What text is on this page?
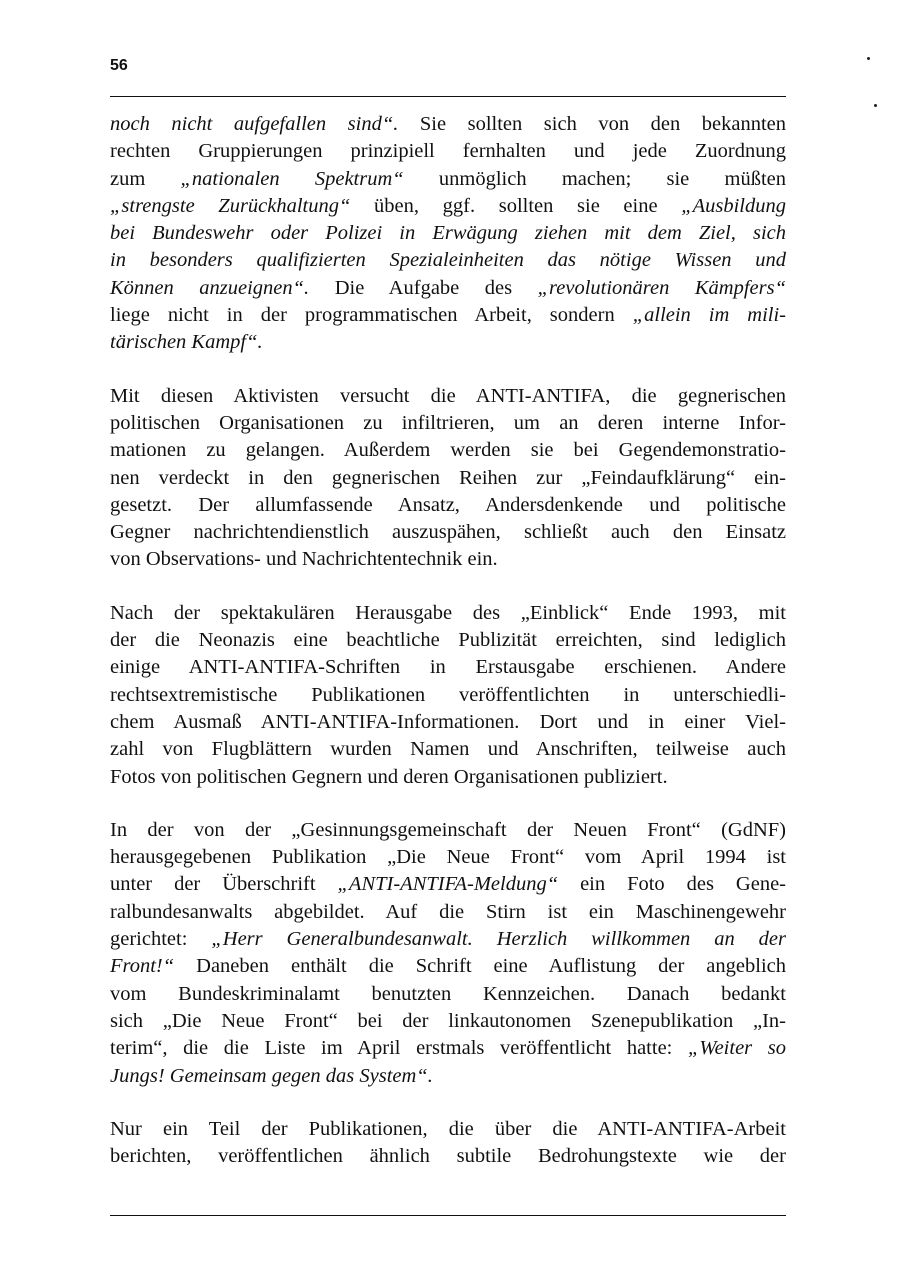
56
noch nicht aufgefallen sind“. Sie sollten sich von den bekannten
rechten Gruppierungen prinzipiell fernhalten und jede Zuordnung
zum „nationalen Spektrum“ unmöglich machen; sie müßten
„strengste Zurückhaltung“ üben, ggf. sollten sie eine „Ausbildung
bei Bundeswehr oder Polizei in Erwägung ziehen mit dem Ziel, sich
in besonders qualifizierten Spezialeinheiten das nötige Wissen und
Können anzueignen“. Die Aufgabe des „revolutionären Kämpfers“
liege nicht in der programmatischen Arbeit, sondern „allein im mili-
tärischen Kampf“.
Mit diesen Aktivisten versucht die ANTI-ANTIFA, die gegnerischen
politischen Organisationen zu infiltrieren, um an deren interne Infor-
mationen zu gelangen. Außerdem werden sie bei Gegendemonstratio-
nen verdeckt in den gegnerischen Reihen zur „Feindaufklärung“ ein-
gesetzt. Der allumfassende Ansatz, Andersdenkende und politische
Gegner nachrichtendienstlich auszuspähen, schließt auch den Einsatz
von Observations- und Nachrichtentechnik ein.
Nach der spektakulären Herausgabe des „Einblick“ Ende 1993, mit
der die Neonazis eine beachtliche Publizität erreichten, sind lediglich
einige ANTI-ANTIFA-Schriften in Erstausgabe erschienen. Andere
rechtsextremistische Publikationen veröffentlichten in unterschiedli-
chem Ausmaß ANTI-ANTIFA-Informationen. Dort und in einer Viel-
zahl von Flugblättern wurden Namen und Anschriften, teilweise auch
Fotos von politischen Gegnern und deren Organisationen publiziert.
In der von der „Gesinnungsgemeinschaft der Neuen Front“ (GdNF)
herausgegebenen Publikation „Die Neue Front“ vom April 1994 ist
unter der Überschrift „ANTI-ANTIFA-Meldung“ ein Foto des Gene-
ralbundesanwalts abgebildet. Auf die Stirn ist ein Maschinengewehr
gerichtet: „Herr Generalbundesanwalt. Herzlich willkommen an der
Front!“ Daneben enthält die Schrift eine Auflistung der angeblich
vom Bundeskriminalamt benutzten Kennzeichen. Danach bedankt
sich „Die Neue Front“ bei der linkautonomen Szenepublikation „In-
terim“, die die Liste im April erstmals veröffentlicht hatte: „Weiter so
Jungs! Gemeinsam gegen das System“.
Nur ein Teil der Publikationen, die über die ANTI-ANTIFA-Arbeit
berichten, veröffentlichen ähnlich subtile Bedrohungstexte wie der
